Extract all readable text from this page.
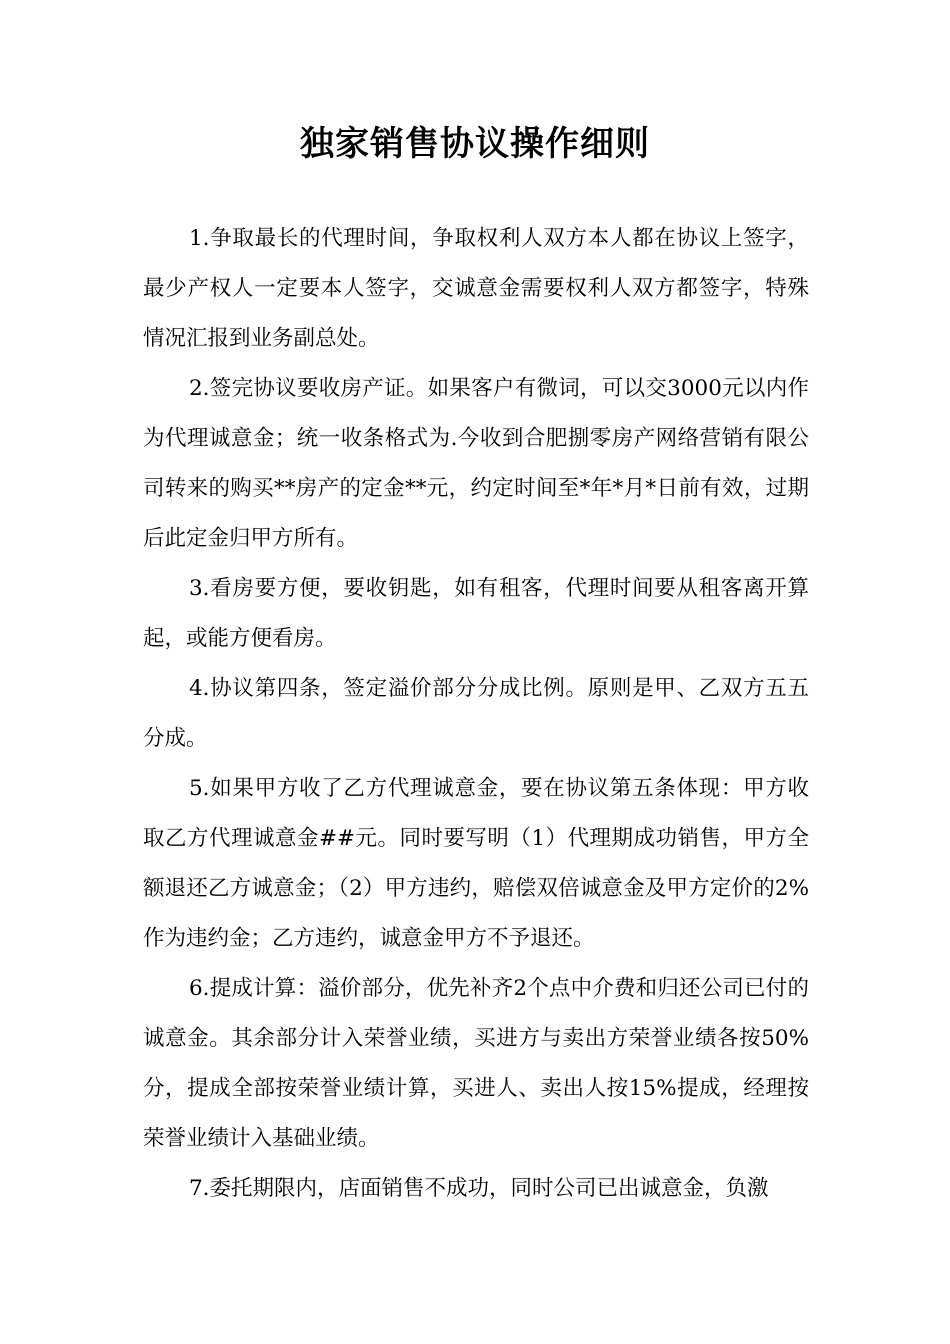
独家销售协议操作细则

1.争取最长的代理时间，争取权利人双方本人都在协议上签字，最少产权人一定要本人签字，交诚意金需要权利人双方都签字，特殊情况汇报到业务副总处。

2.签完协议要收房产证。如果客户有微词，可以交3000元以内作为代理诚意金；统一收条格式为.今收到合肥捌零房产网络营销有限公司转来的购买**房产的定金**元，约定时间至*年*月*日前有效，过期后此定金归甲方所有。

3.看房要方便，要收钥匙，如有租客，代理时间要从租客离开算起，或能方便看房。

4.协议第四条，签定溢价部分分成比例。原则是甲、乙双方五五分成。

5.如果甲方收了乙方代理诚意金，要在协议第五条体现：甲方收取乙方代理诚意金##元。同时要写明（1）代理期成功销售，甲方全额退还乙方诚意金；（2）甲方违约，赔偿双倍诚意金及甲方定价的2%作为违约金；乙方违约，诚意金甲方不予退还。

6.提成计算：溢价部分，优先补齐2个点中介费和归还公司已付的诚意金。其余部分计入荣誉业绩，买进方与卖出方荣誉业绩各按50%分，提成全部按荣誉业绩计算，买进人、卖出人按15%提成，经理按荣誉业绩计入基础业绩。

7.委托期限内，店面销售不成功，同时公司已出诚意金，负激
